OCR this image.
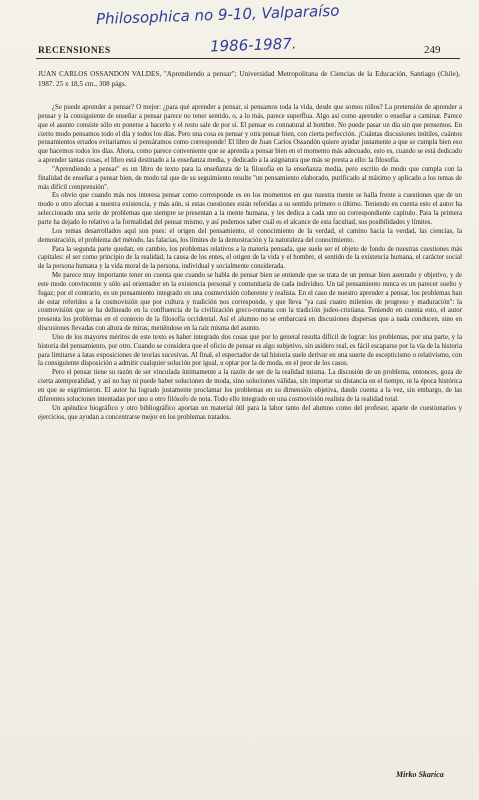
Philosophica no 9-10, Valparaíso
1986-1987.
RECENSIONES	249
JUAN CARLOS OSSANDON VALDES, "Aprendiendo a pensar"; Universidad Metropolitana de Ciencias de la Educación, Santiago (Chile), 1987. 25 x 18,5 cm., 308 págs.

¿Se puede aprender a pensar? O mejor: ¿para qué aprender a pensar, si pensamos toda la vida, desde que somos niños? La pretensión de aprender a pensar y la consiguiente de enseñar a pensar parece no tener sentido, o, a lo más, parece superflua. Algo así como aprender o enseñar a caminar. Parece que el asunto consiste sólo en ponerse a hacerlo y el resto sale de por sí. El pensar es connatural al hombre. No puede pasar un día sin que pensemos. En cierto modo pensamos todo el día y todos los días. Pero una cosa es pensar y otra pensar bien, con cierta perfección. ¡Cuántas discusiones inútiles, cuántos pensamientos errados evitaríamos si pensáramos como corresponde! El libro de Juan Carlos Ossandón quiere ayudar justamente a que se cumpla bien eso que hacemos todos los días. Ahora, como parece conveniente que se aprenda a pensar bien en el momento más adecuado, esto es, cuando se está dedicado a aprender tantas cosas, el libro está destinado a la enseñanza media, y dedicado a la asignatura que más se presta a ello: la filosofía.

"Aprendiendo a pensar" es un libro de texto para la enseñanza de la filosofía en la enseñanza media, pero escrito de modo que cumpla con la finalidad de enseñar a pensar bien, de modo tal que de su seguimiento resulte "un pensamiento elaborado, purificado al máximo y aplicado a los temas de más difícil comprensión".

Es obvio que cuando más nos interesa pensar como corresponde es en los momentos en que nuestra mente se halla frente a cuestiones que de un modo u otro afectan a nuestra existencia, y más aún, si estas cuestiones están referidas a su sentido primero o último. Teniendo en cuenta esto el autor ha seleccionado una serie de problemas que siempre se presentan a la mente humana, y les dedica a cada uno su correspondiente capítulo. Para la primera parte ha dejado lo relativo a la formalidad del pensar mismo, y así podemos saber cuál es el alcance de esta facultad, sus posibilidades y límites.

Los temas desarrollados aquí son pues: el origen del pensamiento, el conocimiento de la verdad, el camino hacia la verdad, las ciencias, la demostración, el problema del método, las falacias, los límites de la demostración y la naturaleza del conocimiento.

Para la segunda parte quedan, en cambio, los problemas relativos a la materia pensada, que suele ser el objeto de fondo de nuestras cuestiones más capitales: el ser como principio de la realidad, la causa de los entes, el origen de la vida y el hombre, el sentido de la existencia humana, el carácter social de la persona humana y la vida moral de la persona, individual y socialmente considerada.

Me parece muy importante tener en cuenta que cuando se habla de pensar bien se entiende que se trata de un pensar bien asentado y objetivo, y de este modo convincente y sólo así orientador en la existencia personal y comunitaria de cada individuo. Un tal pensamiento nunca es un parecer suelto y fugaz; por el contrario, es un pensamiento integrado en una cosmovisión coherente y realista. En el caso de nuestro aprender a pensar, los problemas han de estar referidos a la cosmovisión que por cultura y tradición nos corresponde, y que lleva "ya casi cuatro milenios de progreso y maduración": la cosmovisión que se ha delineado en la confluencia de la civilización greco-romana con la tradición judeo-cristiana. Teniendo en cuenta esto, el autor presenta los problemas en el contexto de la filosofía occidental. Así el alumno no se embarcará en discusiones dispersas que a nada conducen, sino en discusiones llevadas con altura de miras, metiéndose en la raíz misma del asunto.

Uno de los mayores méritos de este texto es haber integrado dos cosas que por lo general resulta difícil de lograr: los problemas, por una parte, y la historia del pensamiento, por otro. Cuando se considera que el oficio de pensar es algo subjetivo, sin asidero real, es fácil escaparse por la vía de la historia para limitarse a latas exposiciones de teorías sucesivas. Al final, el espectador de tal historia suele derivar en una suerte de escepticismo o relativismo, con la consiguiente disposición a admitir cualquier solución por igual, u optar por la de moda, en el peor de los casos.

Pero el pensar tiene su razón de ser vinculada íntimamente a la razón de ser de la realidad misma. La discusión de un problema, entonces, goza de cierta atemporalidad, y así no hay ni puede haber soluciones de moda, sino soluciones válidas, sin importar su distancia en el tiempo, ni la época histórica en que se esgrimieron. El autor ha logrado justamente proclamar los problemas en su dimensión objetiva, dando cuenta a la vez, sin embargo, de las diferentes soluciones intentadas por uno u otro filósofo de nota. Todo ello integrado en una cosmovisión realista de la realidad total.

Un apéndice biográfico y otro bibliográfico aportan un material útil para la labor tanto del alumno como del profesor, aparte de cuestionarios y ejercicios, que ayudan a concentrarse mejor en los problemas tratados.

Mirko Skarica
